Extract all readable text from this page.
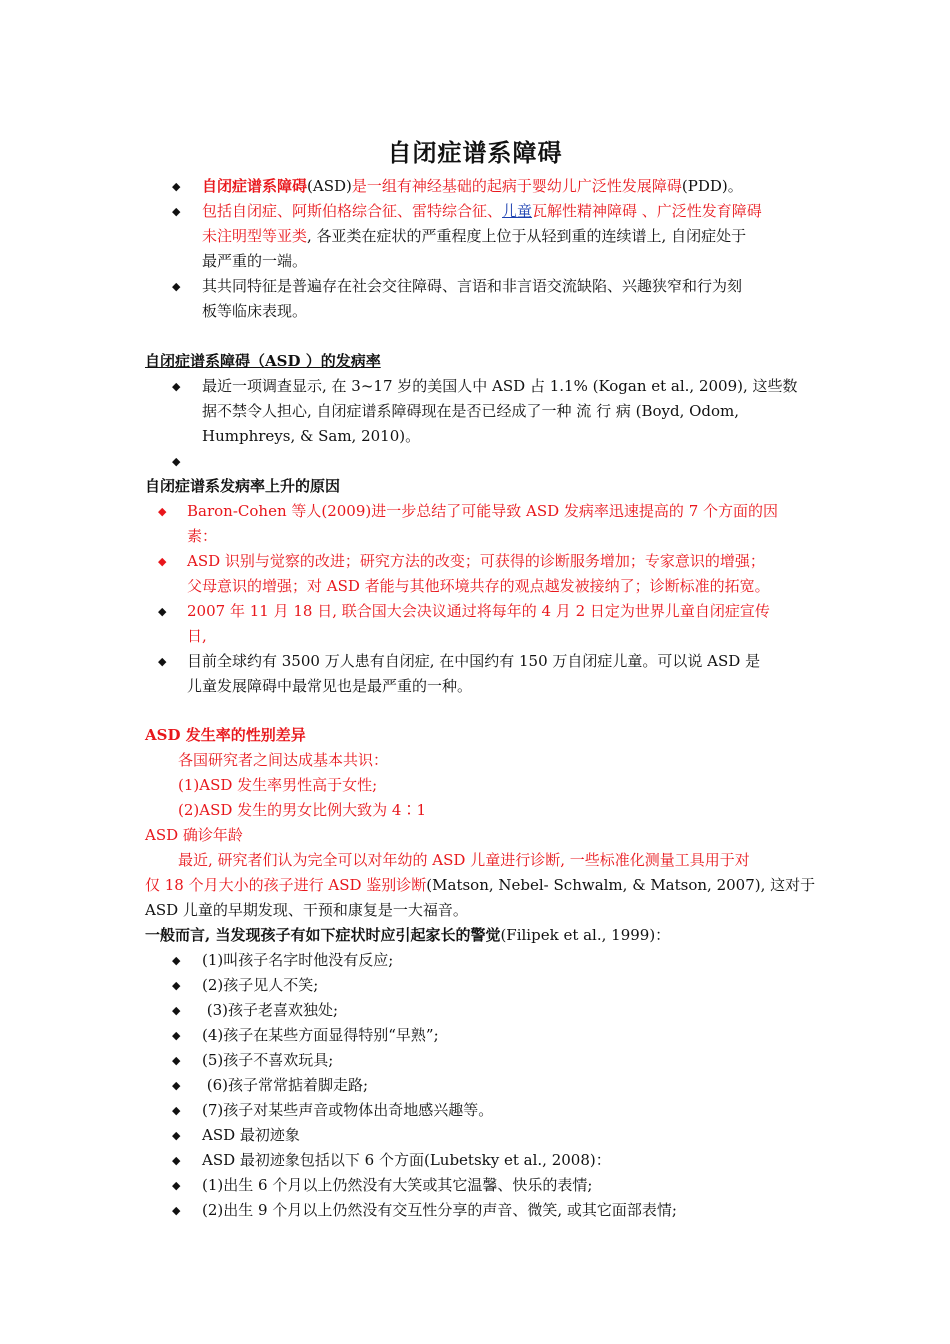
自闭症谱系障碍
◆ 自闭症谱系障碍(ASD)是一组有神经基础的起病于婴幼儿广泛性发展障碍(PDD)。
◆ 包括自闭症、阿斯伯格综合征、雷特综合征、儿童瓦解性精神障碍 、广泛性发育障碍
未注明型等亚类, 各亚类在症状的严重程度上位于从轻到重的连续谱上, 自闭症处于
最严重的一端。
◆ 其共同特征是普遍存在社会交往障碍、言语和非言语交流缺陷、兴趣狭窄和行为刻
板等临床表现。
自闭症谱系障碍（ASD ）的发病率
◆ 最近一项调查显示, 在 3~17 岁的美国人中 ASD 占 1.1% (Kogan et al., 2009), 这些数
据不禁令人担心, 自闭症谱系障碍现在是否已经成了一种 流 行 病 (Boyd, Odom,
Humphreys, & Sam, 2010)。
◆
自闭症谱系发病率上升的原因
◆ Baron-Cohen 等人(2009)进一步总结了可能导致 ASD 发病率迅速提高的 7 个方面的因
素：
◆ ASD 识别与觉察的改进；研究方法的改变；可获得的诊断服务增加；专家意识的增强；
父母意识的增强；对 ASD 者能与其他环境共存的观点越发被接纳了；诊断标准的拓宽。
◆ 2007 年 11 月 18 日, 联合国大会决议通过将每年的 4 月 2 日定为世界儿童自闭症宣传
日,
◆ 目前全球约有 3500 万人患有自闭症, 在中国约有 150 万自闭症儿童。可以说 ASD 是
儿童发展障碍中最常见也是最严重的一种。
ASD 发生率的性别差异
各国研究者之间达成基本共识：
(1)ASD 发生率男性高于女性;
(2)ASD 发生的男女比例大致为 4∶1
ASD 确诊年龄
最近, 研究者们认为完全可以对年幼的 ASD 儿童进行诊断, 一些标准化测量工具用于对
仅 18 个月大小的孩子进行 ASD 鉴别诊断(Matson, Nebel- Schwalm, & Matson, 2007), 这对于
ASD 儿童的早期发现、干预和康复是一大福音。
一般而言, 当发现孩子有如下症状时应引起家长的警觉(Filipek et al., 1999)：
◆ (1)叫孩子名字时他没有反应;
◆ (2)孩子见人不笑;
◆ (3)孩子老喜欢独处;
◆ (4)孩子在某些方面显得特别“早熟”;
◆ (5)孩子不喜欢玩具;
◆ (6)孩子常常掂着脚走路;
◆ (7)孩子对某些声音或物体出奇地感兴趣等。
◆ ASD 最初迹象
◆ ASD 最初迹象包括以下 6 个方面(Lubetsky et al., 2008)：
◆ (1)出生 6 个月以上仍然没有大笑或其它温馨、快乐的表情;
◆ (2)出生 9 个月以上仍然没有交互性分享的声音、微笑, 或其它面部表情;
